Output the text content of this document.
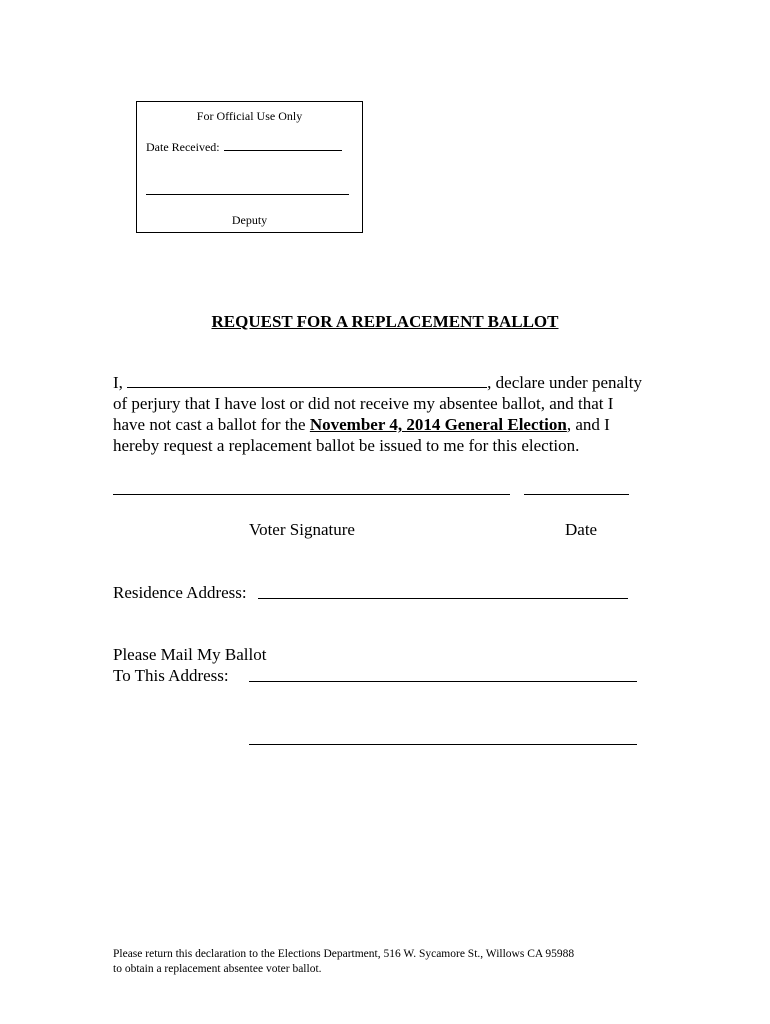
For Official Use Only
Date Received:
Deputy
REQUEST FOR A REPLACEMENT BALLOT
I,	, declare under penalty of perjury that I have lost or did not receive my absentee ballot, and that I have not cast a ballot for the November 4, 2014 General Election, and I hereby request a replacement ballot be issued to me for this election.
Voter Signature	Date
Residence Address:
Please Mail My Ballot
To This Address:
Please return this declaration to the Elections Department, 516 W. Sycamore St., Willows CA 95988
to obtain a replacement absentee voter ballot.
